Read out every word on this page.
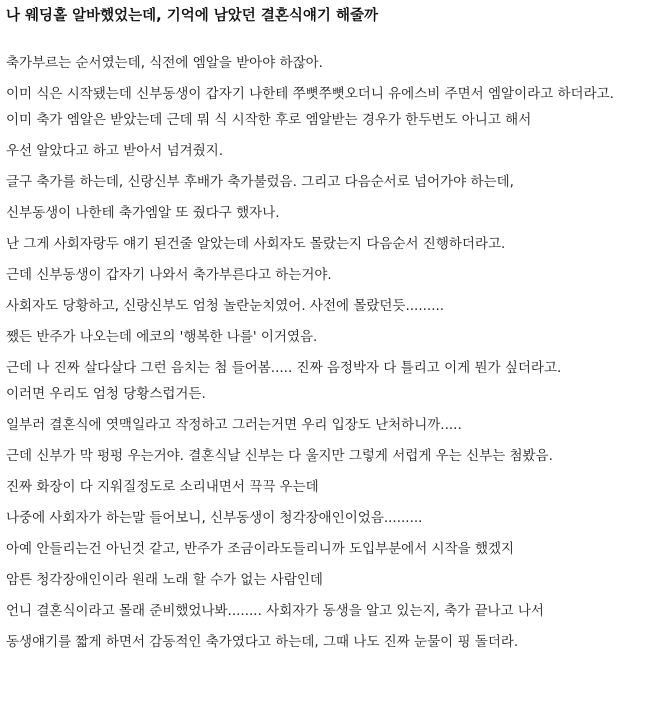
나 웨딩홀 알바했었는데, 기억에 남았던 결혼식얘기 해줄까

축가부르는 순서였는데, 식전에 엠알을 받아야 하잖아.

이미 식은 시작됐는데 신부동생이 갑자기 나한테 쭈뼛쭈뼛오더니 유에스비 주면서 엠알이라고 하더라고.

이미 축가 엠알은 받았는데 근데 뭐 식 시작한 후로 엠알받는 경우가 한두번도 아니고 해서

우선 알았다고 하고 받아서 넘겨줬지.

글구 축가를 하는데, 신랑신부 후배가 축가불렀음. 그리고 다음순서로 넘어가야 하는데,

신부동생이 나한테 축가엠알 또 줬다구 했자나.

난 그게 사회자랑두 얘기 된건줄 알았는데 사회자도 몰랐는지 다음순서 진행하더라고.

근데 신부동생이 갑자기 나와서 축가부른다고 하는거야.

사회자도 당황하고, 신랑신부도 엄청 놀란눈치였어. 사전에 몰랐던듯.........

쨌든 반주가 나오는데 에코의 '행복한 나를' 이거였음.

근데 나 진짜 살다살다 그런 음치는 첨 들어봄..... 진짜 음정박자 다 틀리고 이게 뭔가 싶더라고.

이러면 우리도 엄청 당황스럽거든.

일부러 결혼식에 엿맥일라고 작정하고 그러는거면 우리 입장도 난처하니까.....

근데 신부가 막 펑펑 우는거야. 결혼식날 신부는 다 울지만 그렇게 서럽게 우는 신부는 첨봤음.

진짜 화장이 다 지워질정도로 소리내면서 끅끅 우는데

나중에 사회자가 하는말 들어보니, 신부동생이 청각장애인이었음.........

아예 안들리는건 아닌것 같고, 반주가 조금이라도들리니까 도입부분에서 시작을 했겠지

암튼 청각장애인이라 원래 노래 할 수가 없는 사람인데

언니 결혼식이라고 몰래 준비했었나봐........ 사회자가 동생을 알고 있는지, 축가 끝나고 나서

동생얘기를 짧게 하면서 감동적인 축가였다고 하는데, 그때 나도 진짜 눈물이 핑 돌더라.
